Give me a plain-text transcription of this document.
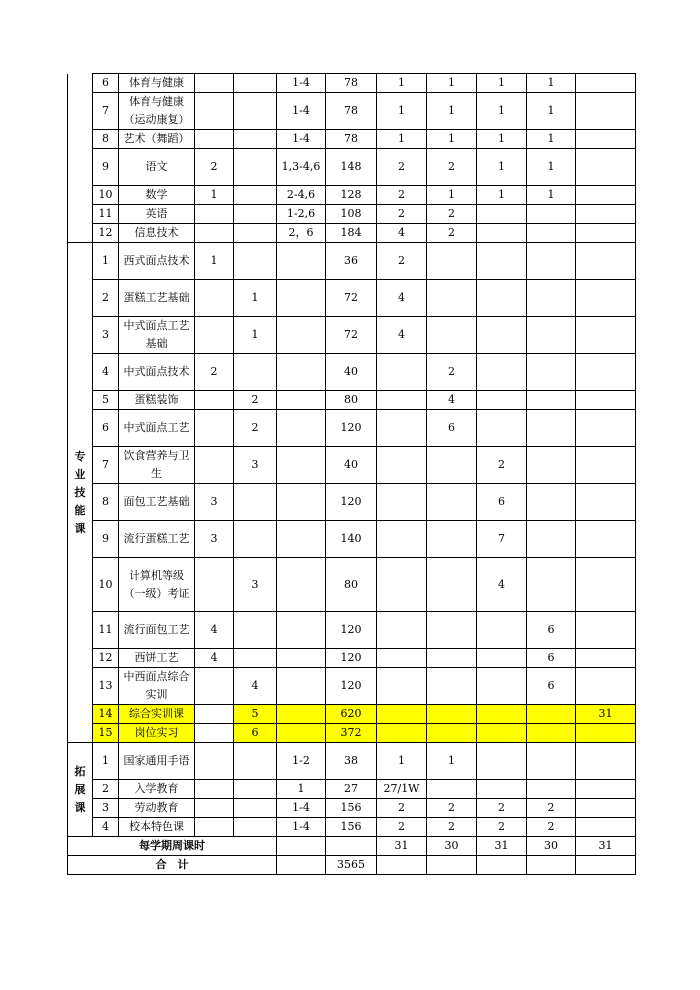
	6	体育与健康			1-4	78	1	1	1	1		
	7	体育与健康（运动康复）			1-4	78	1	1	1	1		
	8	艺术（舞蹈）			1-4	78	1	1	1	1		
	9	语文	2		1,3-4,6	148	2	2	1	1		
	10	数学	1		2-4,6	128	2	1	1	1		
	11	英语			1-2,6	108	2	2				
	12	信息技术			2，6	184	4	2				
专业技能课	1	西式面点技术	1			36	2					
	2	蛋糕工艺基础		1		72	4					
	3	中式面点工艺基础		1		72	4					
	4	中式面点技术	2			40		2				
	5	蛋糕装饰		2		80		4				
	6	中式面点工艺		2		120		6				
	7	饮食营养与卫生		3		40			2			
	8	面包工艺基础	3			120			6			
	9	流行蛋糕工艺	3			140			7			
	10	计算机等级（一级）考证		3		80			4			
	11	流行面包工艺	4			120				6		
	12	西饼工艺	4			120				6		
	13	中西面点综合实训		4		120				6		
	14	综合实训课		5		620					31	
	15	岗位实习		6		372						
拓展课	1	国家通用手语			1-2	38	1	1				
	2	入学教育			1	27	27/1W					
	3	劳动教育			1-4	156	2	2	2	2		
	4	校本特色课			1-4	156	2	2	2	2		
每学期周课时							31	30	31	30	31	
合　计						3565						
